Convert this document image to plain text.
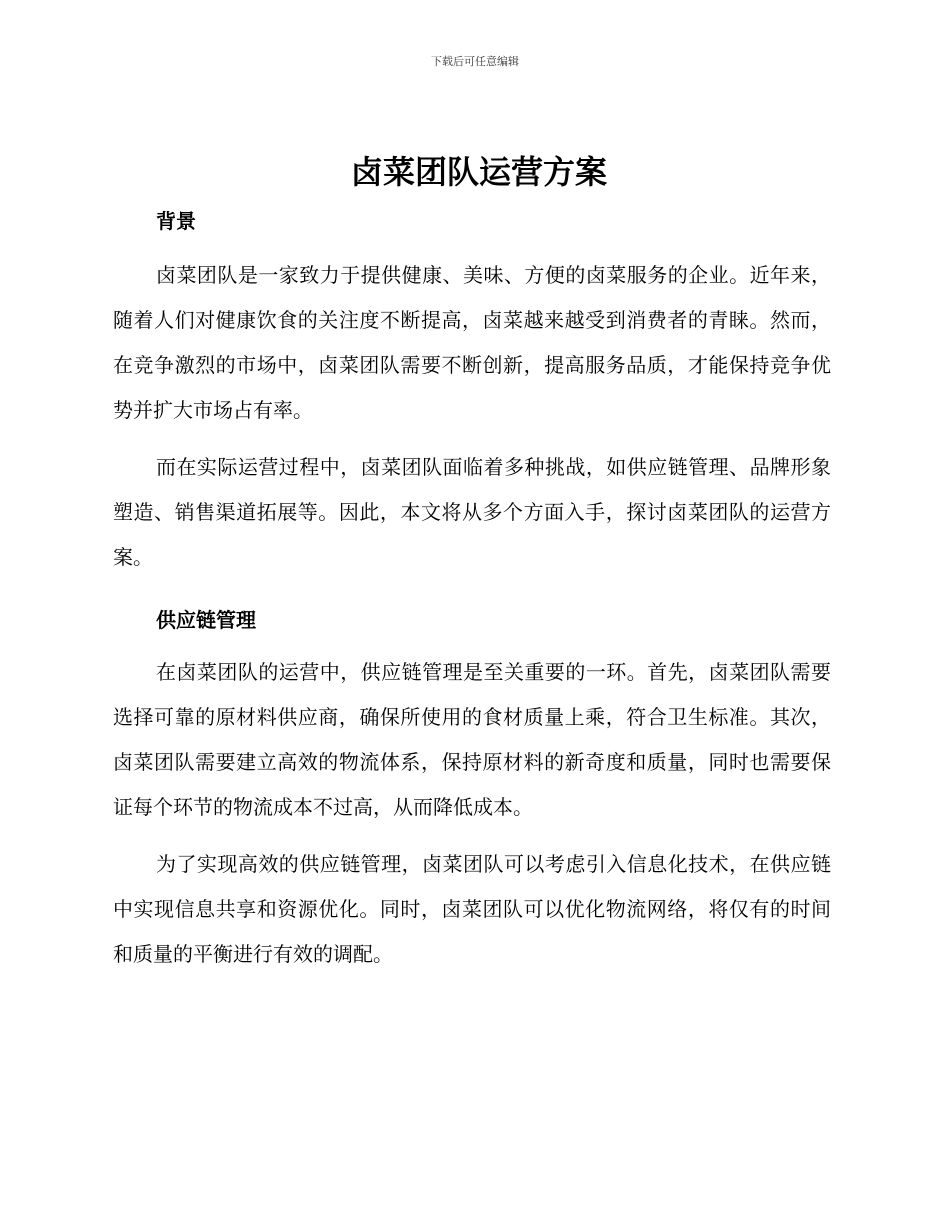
下载后可任意编辑
卤菜团队运营方案
背景

卤菜团队是一家致力于提供健康、美味、方便的卤菜服务的企业。近年来，随着人们对健康饮食的关注度不断提高，卤菜越来越受到消费者的青睐。然而，在竞争激烈的市场中，卤菜团队需要不断创新，提高服务品质，才能保持竞争优势并扩大市场占有率。

而在实际运营过程中，卤菜团队面临着多种挑战，如供应链管理、品牌形象塑造、销售渠道拓展等。因此，本文将从多个方面入手，探讨卤菜团队的运营方案。

供应链管理

在卤菜团队的运营中，供应链管理是至关重要的一环。首先，卤菜团队需要选择可靠的原材料供应商，确保所使用的食材质量上乘，符合卫生标准。其次，卤菜团队需要建立高效的物流体系，保持原材料的新奇度和质量，同时也需要保证每个环节的物流成本不过高，从而降低成本。

为了实现高效的供应链管理，卤菜团队可以考虑引入信息化技术，在供应链中实现信息共享和资源优化。同时，卤菜团队可以优化物流网络，将仅有的时间和质量的平衡进行有效的调配。
